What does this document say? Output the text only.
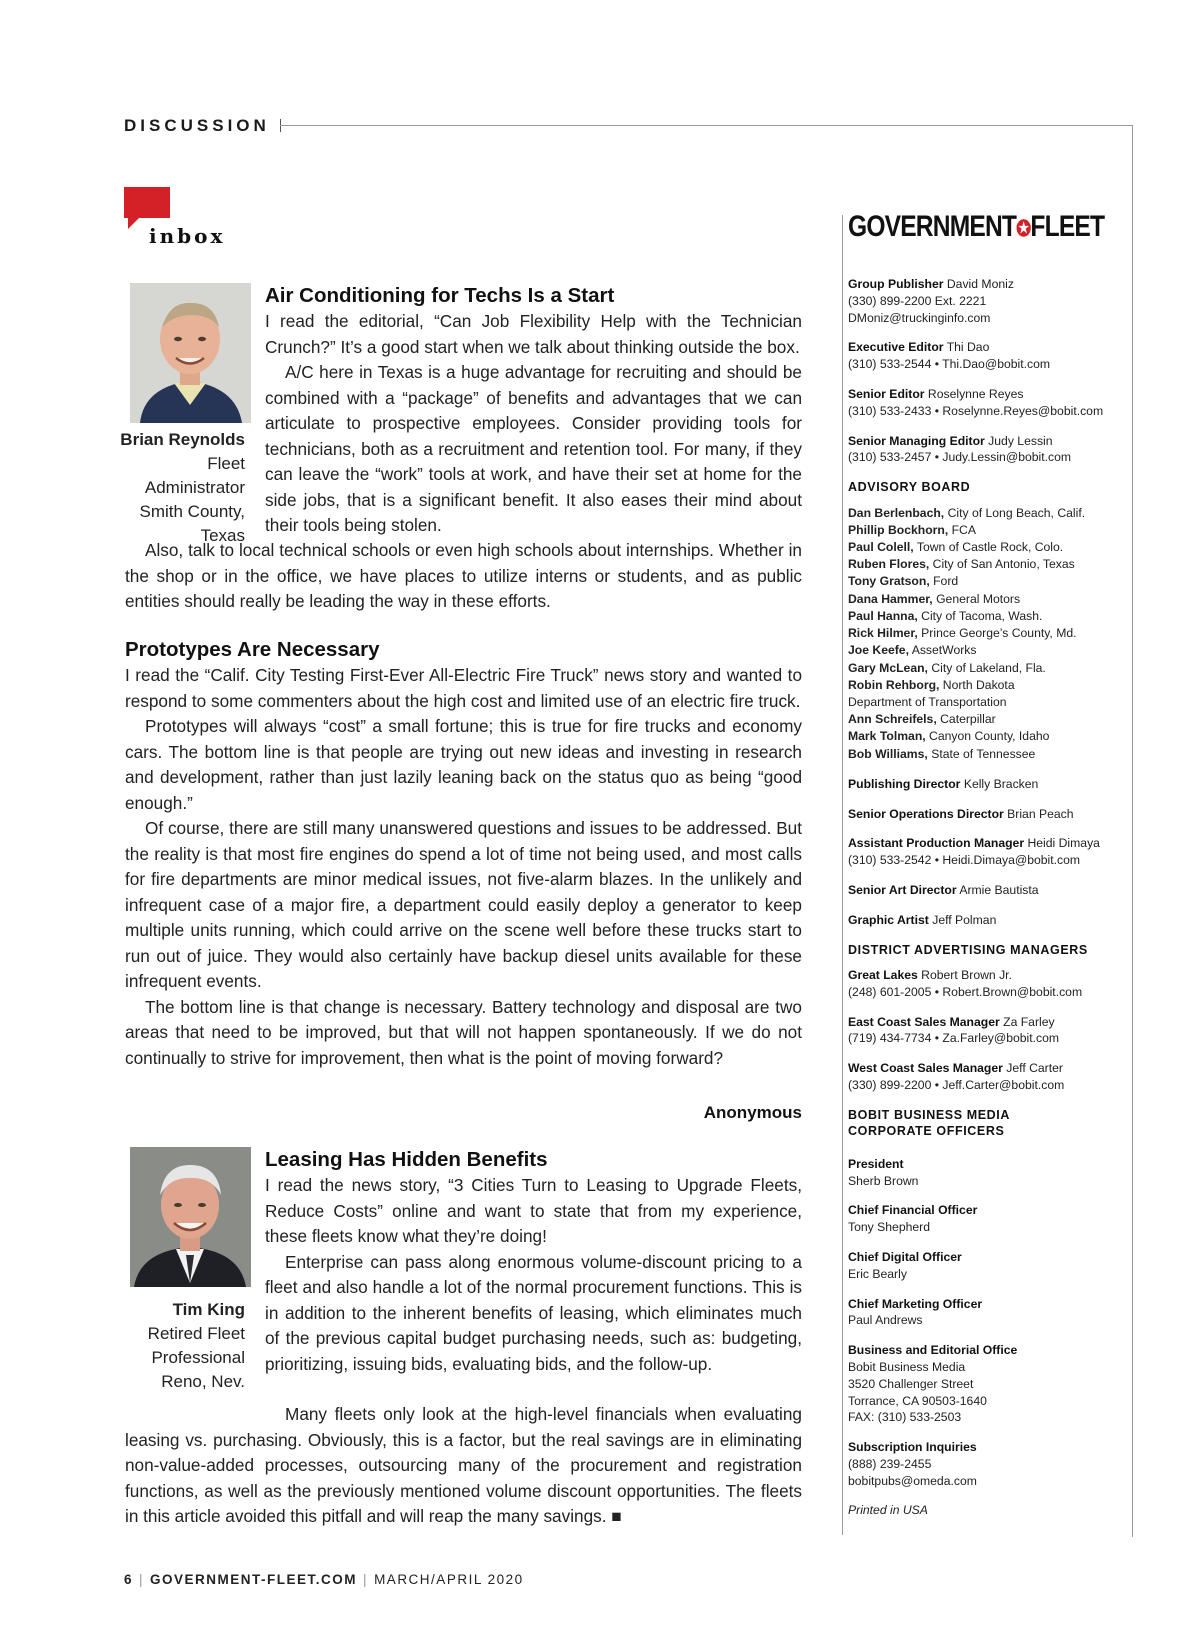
DISCUSSION
inbox
Brian Reynolds
Fleet Administrator
Smith County, Texas
Air Conditioning for Techs Is a Start

I read the editorial, “Can Job Flexibility Help with the Technician Crunch?” It’s a good start when we talk about thinking outside the box.

A/C here in Texas is a huge advantage for recruiting and should be combined with a “package” of benefits and advantages that we can articulate to prospective employees. Consider providing tools for technicians, both as a recruitment and retention tool. For many, if they can leave the “work” tools at work, and have their set at home for the side jobs, that is a significant benefit. It also eases their mind about their tools being stolen.

Also, talk to local technical schools or even high schools about internships. Whether in the shop or in the office, we have places to utilize interns or students, and as public entities should really be leading the way in these efforts.

Prototypes Are Necessary

I read the “Calif. City Testing First-Ever All-Electric Fire Truck” news story and wanted to respond to some commenters about the high cost and limited use of an electric fire truck.

Prototypes will always “cost” a small fortune; this is true for fire trucks and economy cars. The bottom line is that people are trying out new ideas and investing in research and development, rather than just lazily leaning back on the status quo as being “good enough.”

Of course, there are still many unanswered questions and issues to be addressed. But the reality is that most fire engines do spend a lot of time not being used, and most calls for fire departments are minor medical issues, not five-alarm blazes. In the unlikely and infrequent case of a major fire, a department could easily deploy a generator to keep multiple units running, which could arrive on the scene well before these trucks start to run out of juice. They would also certainly have backup diesel units available for these infrequent events.

The bottom line is that change is necessary. Battery technology and disposal are two areas that need to be improved, but that will not happen spontaneously. If we do not continually to strive for improvement, then what is the point of moving forward?

Anonymous
Tim King
Retired Fleet
Professional
Reno, Nev.
Leasing Has Hidden Benefits

I read the news story, “3 Cities Turn to Leasing to Upgrade Fleets, Reduce Costs” online and want to state that from my experience, these fleets know what they’re doing!

Enterprise can pass along enormous volume-discount pricing to a fleet and also handle a lot of the normal procurement functions. This is in addition to the inherent benefits of leasing, which eliminates much of the previous capital budget purchasing needs, such as: budgeting, prioritizing, issuing bids, evaluating bids, and the follow-up.

Many fleets only look at the high-level financials when evaluating leasing vs. purchasing. Obviously, this is a factor, but the real savings are in eliminating non-value-added processes, outsourcing many of the procurement and registration functions, as well as the previously mentioned volume discount opportunities. The fleets in this article avoided this pitfall and will reap the many savings. ■

GOVERNMENT✪FLEET
Group Publisher David Moniz
(330) 899-2200 Ext. 2221
DMoniz@truckinginfo.com
Executive Editor Thi Dao
(310) 533-2544 • Thi.Dao@bobit.com
Senior Editor Roselynne Reyes
(310) 533-2433 • Roselynne.Reyes@bobit.com
Senior Managing Editor Judy Lessin
(310) 533-2457 • Judy.Lessin@bobit.com
ADVISORY BOARD
Dan Berlenbach, City of Long Beach, Calif.
Phillip Bockhorn, FCA
Paul Colell, Town of Castle Rock, Colo.
Ruben Flores, City of San Antonio, Texas
Tony Gratson, Ford
Dana Hammer, General Motors
Paul Hanna, City of Tacoma, Wash.
Rick Hilmer, Prince George’s County, Md.
Joe Keefe, AssetWorks
Gary McLean, City of Lakeland, Fla.
Robin Rehborg, North Dakota
Department of Transportation
Ann Schreifels, Caterpillar
Mark Tolman, Canyon County, Idaho
Bob Williams, State of Tennessee
Publishing Director Kelly Bracken
Senior Operations Director Brian Peach
Assistant Production Manager Heidi Dimaya
(310) 533-2542 • Heidi.Dimaya@bobit.com
Senior Art Director Armie Bautista
Graphic Artist Jeff Polman
DISTRICT ADVERTISING MANAGERS
Great Lakes Robert Brown Jr.
(248) 601-2005 • Robert.Brown@bobit.com
East Coast Sales Manager Za Farley
(719) 434-7734 • Za.Farley@bobit.com
West Coast Sales Manager Jeff Carter
(330) 899-2200 • Jeff.Carter@bobit.com
BOBIT BUSINESS MEDIA
CORPORATE OFFICERS
President
Sherb Brown
Chief Financial Officer
Tony Shepherd
Chief Digital Officer
Eric Bearly
Chief Marketing Officer
Paul Andrews
Business and Editorial Office
Bobit Business Media
3520 Challenger Street
Torrance, CA 90503-1640
FAX: (310) 533-2503
Subscription Inquiries
(888) 239-2455
bobitpubs@omeda.com
Printed in USA
6 | GOVERNMENT-FLEET.COM | MARCH/APRIL 2020
